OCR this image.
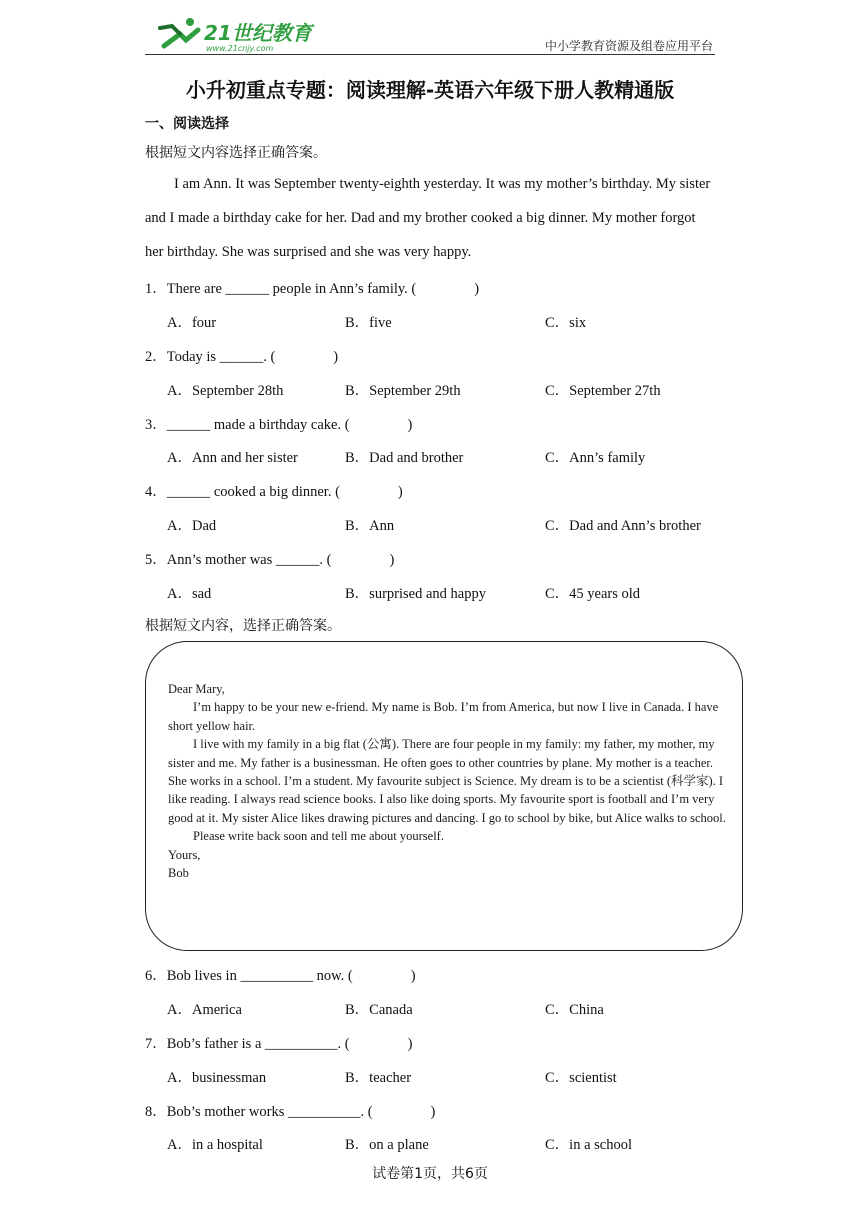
21世纪教育
www.21cnjy.com	中小学教育资源及组卷应用平台
小升初重点专题：阅读理解-英语六年级下册人教精通版
一、阅读选择
根据短文内容选择正确答案。
I am Ann. It was September twenty-eighth yesterday. It was my mother’s birthday. My sister and I made a birthday cake for her. Dad and my brother cooked a big dinner. My mother forgot her birthday. She was surprised and she was very happy.
1．There are ______ people in Ann’s family. (　　　　)
A．four	B．five	C．six
2．Today is ______. (　　　　)
A．September 28th	B．September 29th	C．September 27th
3．______ made a birthday cake. (　　　　)
A．Ann and her sister	B．Dad and brother	C．Ann’s family
4．______ cooked a big dinner. (　　　　)
A．Dad	B．Ann	C．Dad and Ann’s brother
5．Ann’s mother was ______. (　　　　)
A．sad	B．surprised and happy	C．45 years old
根据短文内容，选择正确答案。

Dear Mary,

I’m happy to be your new e-friend. My name is Bob. I’m from America, but now I live in Canada. I have short yellow hair.

I live with my family in a big flat (公寓). There are four people in my family: my father, my mother, my sister and me. My father is a businessman. He often goes to other countries by plane. My mother is a teacher. She works in a school. I’m a student. My favourite subject is Science. My dream is to be a scientist (科学家). I like reading. I always read science books. I also like doing sports. My favourite sport is football and I’m very good at it. My sister Alice likes drawing pictures and dancing. I go to school by bike, but Alice walks to school.

Please write back soon and tell me about yourself.

Yours,

Bob

6．Bob lives in __________ now. (　　　　)
A．America	B．Canada	C．China
7．Bob’s father is a __________. (　　　　)
A．businessman	B．teacher	C．scientist
8．Bob’s mother works __________. (　　　　)
A．in a hospital	B．on a plane	C．in a school
试卷第1页，共6页
